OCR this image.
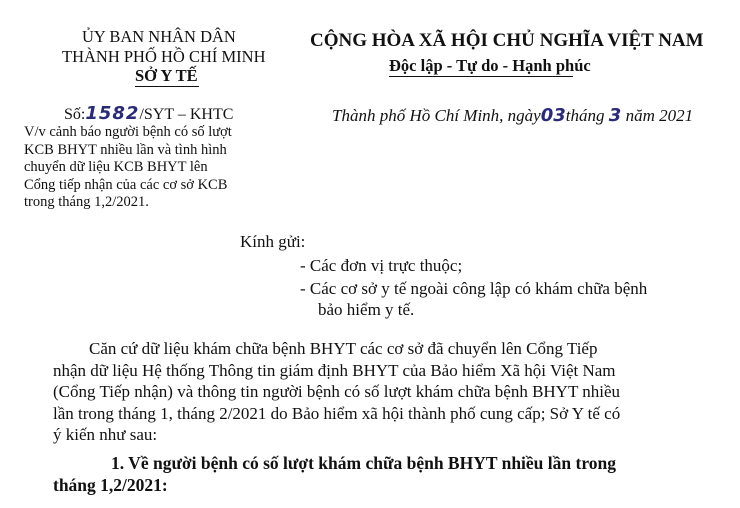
ỦY BAN NHÂN DÂN
THÀNH PHỐ HỒ CHÍ MINH
SỞ Y TẾ
CỘNG HÒA XÃ HỘI CHỦ NGHĨA VIỆT NAM
Độc lập - Tự do - Hạnh phúc
Số:1582/SYT – KHTC	Thành phố Hồ Chí Minh, ngày03tháng 3 năm 2021
V/v cảnh báo người bệnh có số lượt
KCB BHYT nhiều lần và tình hình
chuyển dữ liệu KCB BHYT lên
Cổng tiếp nhận của các cơ sở KCB
trong tháng 1,2/2021.
Kính gửi:
- Các đơn vị trực thuộc;
- Các cơ sở y tế ngoài công lập có khám chữa bệnh
bảo hiểm y tế.
Căn cứ dữ liệu khám chữa bệnh BHYT các cơ sở đã chuyển lên Cổng Tiếp
nhận dữ liệu Hệ thống Thông tin giám định BHYT của Bảo hiểm Xã hội Việt Nam
(Cổng Tiếp nhận) và thông tin người bệnh có số lượt khám chữa bệnh BHYT nhiều
lần trong tháng 1, tháng 2/2021 do Bảo hiểm xã hội thành phố cung cấp; Sở Y tế có
ý kiến như sau:
1. Về người bệnh có số lượt khám chữa bệnh BHYT nhiều lần trong
tháng 1,2/2021:
